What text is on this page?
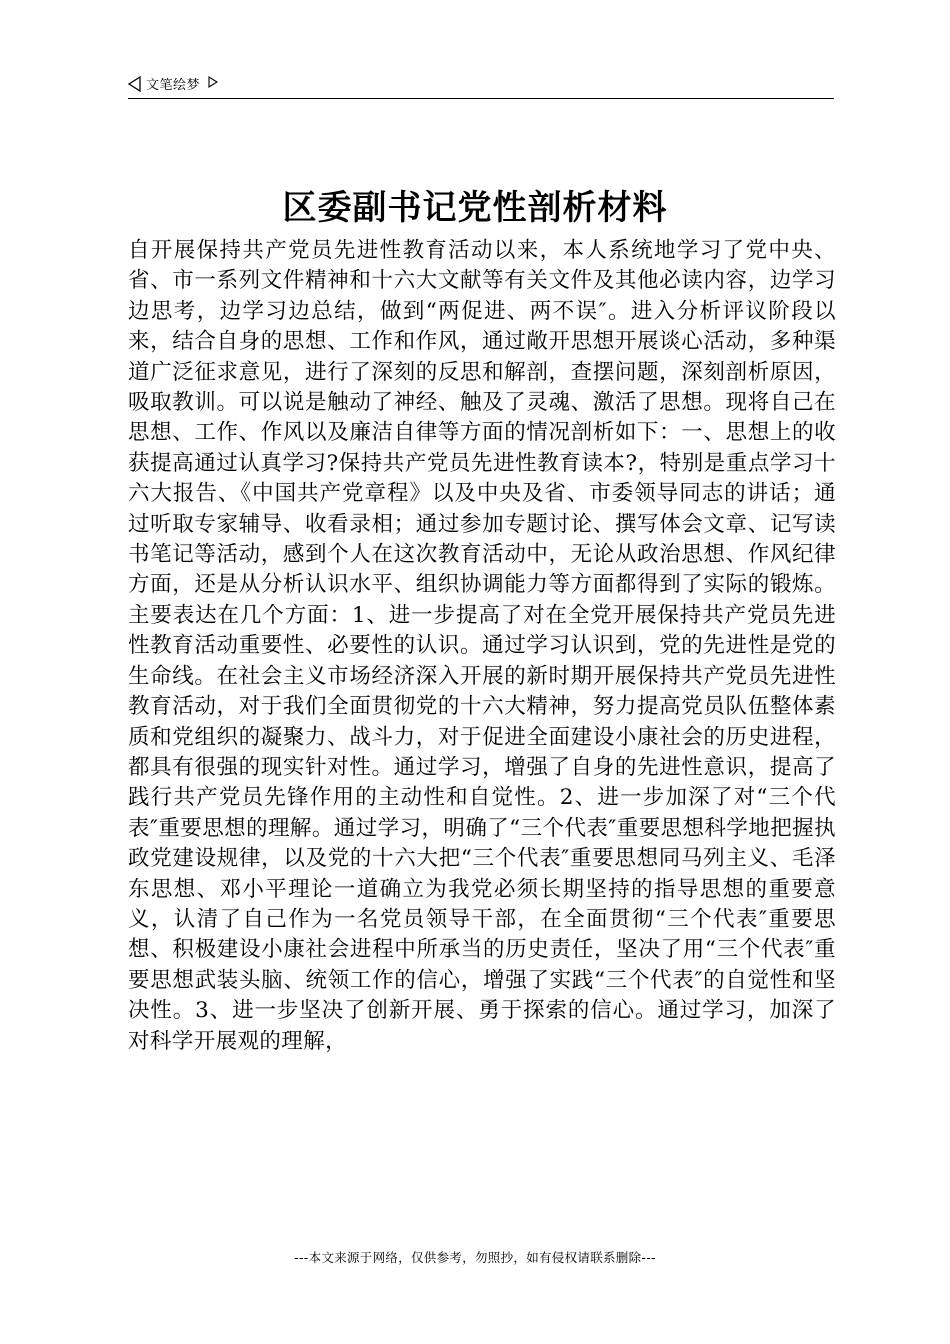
文笔绘梦
区委副书记党性剖析材料
自开展保持共产党员先进性教育活动以来，本人系统地学习了党中央、省、市一系列文件精神和十六大文献等有关文件及其他必读内容，边学习边思考，边学习边总结，做到“两促进、两不误″。进入分析评议阶段以来，结合自身的思想、工作和作风，通过敞开思想开展谈心活动，多种渠道广泛征求意见，进行了深刻的反思和解剖，查摆问题，深刻剖析原因，吸取教训。可以说是触动了神经、触及了灵魂、激活了思想。现将自己在思想、工作、作风以及廉洁自律等方面的情况剖析如下：一、思想上的收获提高通过认真学习?保持共产党员先进性教育读本?，特别是重点学习十六大报告、《中国共产党章程》以及中央及省、市委领导同志的讲话；通过听取专家辅导、收看录相；通过参加专题讨论、撰写体会文章、记写读书笔记等活动，感到个人在这次教育活动中，无论从政治思想、作风纪律方面，还是从分析认识水平、组织协调能力等方面都得到了实际的锻炼。主要表达在几个方面：1、进一步提高了对在全党开展保持共产党员先进性教育活动重要性、必要性的认识。通过学习认识到，党的先进性是党的生命线。在社会主义市场经济深入开展的新时期开展保持共产党员先进性教育活动，对于我们全面贯彻党的十六大精神，努力提高党员队伍整体素质和党组织的凝聚力、战斗力，对于促进全面建设小康社会的历史进程，都具有很强的现实针对性。通过学习，增强了自身的先进性意识，提高了践行共产党员先锋作用的主动性和自觉性。2、进一步加深了对“三个代表″重要思想的理解。通过学习，明确了“三个代表″重要思想科学地把握执政党建设规律，以及党的十六大把“三个代表″重要思想同马列主义、毛泽东思想、邓小平理论一道确立为我党必须长期坚持的指导思想的重要意义，认清了自己作为一名党员领导干部，在全面贯彻“三个代表″重要思想、积极建设小康社会进程中所承当的历史责任，坚决了用“三个代表″重要思想武装头脑、统领工作的信心，增强了实践“三个代表″的自觉性和坚决性。3、进一步坚决了创新开展、勇于探索的信心。通过学习，加深了对科学开展观的理解，
---本文来源于网络，仅供参考，勿照抄，如有侵权请联系删除---
